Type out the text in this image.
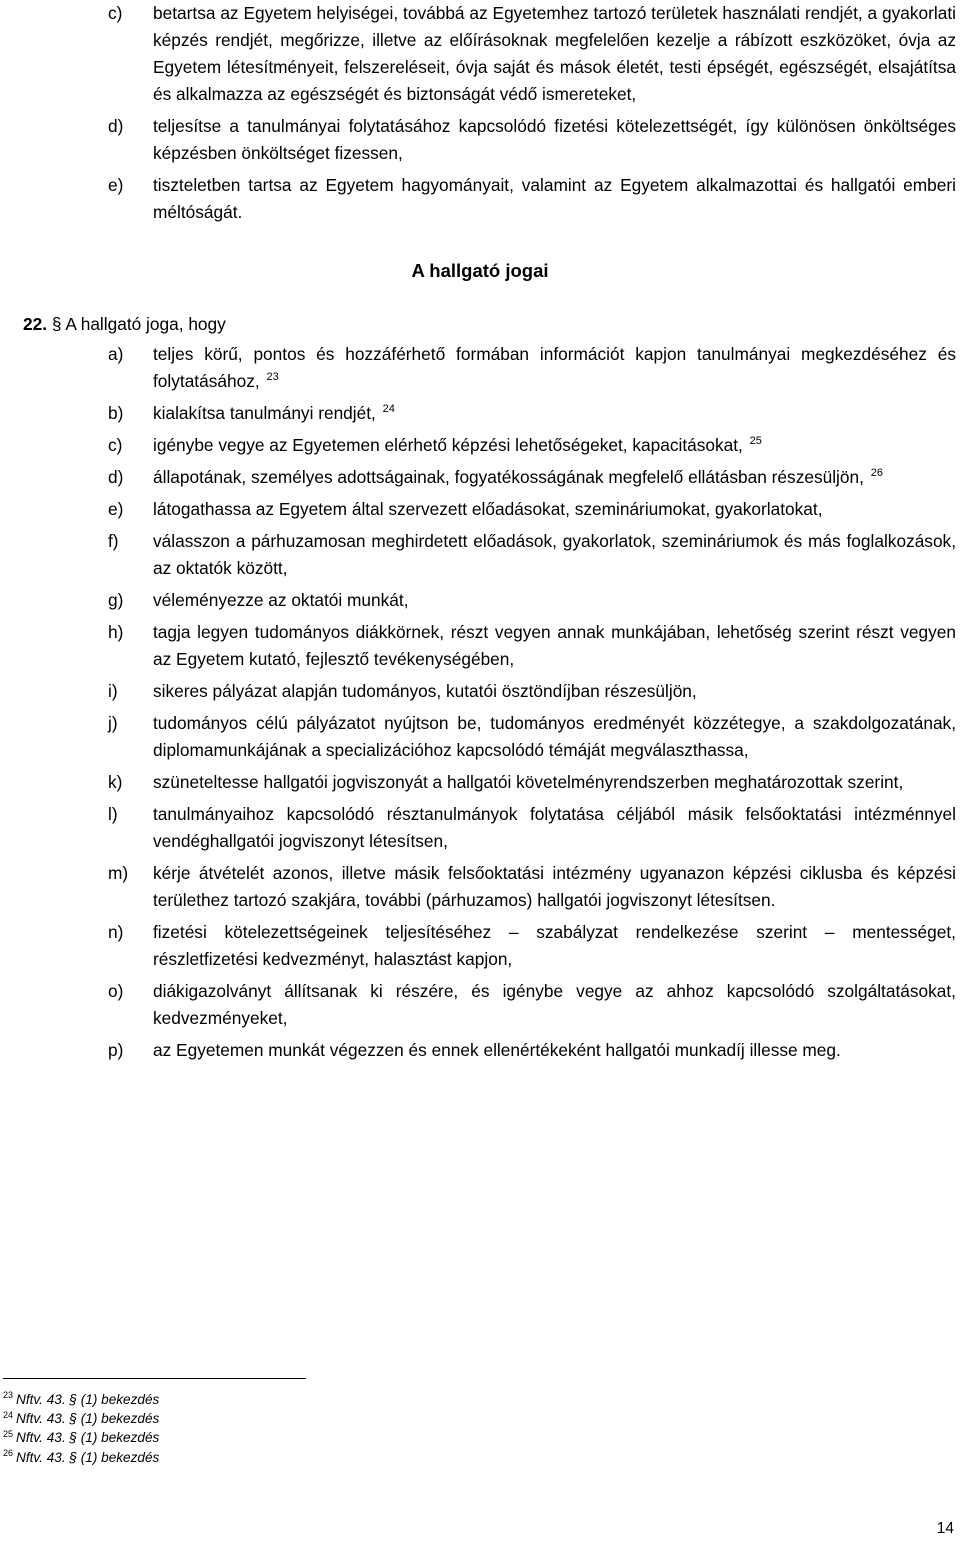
c) betartsa az Egyetem helyiségei, továbbá az Egyetemhez tartozó területek használati rendjét, a gyakorlati képzés rendjét, megőrizze, illetve az előírásoknak megfelelően kezelje a rábízott eszközöket, óvja az Egyetem létesítményeit, felszereléseit, óvja saját és mások életét, testi épségét, egészségét, elsajátítsa és alkalmazza az egészségét és biztonságát védő ismereteket,
d) teljesítse a tanulmányai folytatásához kapcsolódó fizetési kötelezettségét, így különösen önköltséges képzésben önköltséget fizessen,
e) tiszteletben tartsa az Egyetem hagyományait, valamint az Egyetem alkalmazottai és hallgatói emberi méltóságát.
A hallgató jogai
22. § A hallgató joga, hogy
a) teljes körű, pontos és hozzáférhető formában információt kapjon tanulmányai megkezdéséhez és folytatásához, $^{23}$
b) kialakítsa tanulmányi rendjét, $^{24}$
c) igénybe vegye az Egyetemen elérhető képzési lehetőségeket, kapacitásokat, $^{25}$
d) állapotának, személyes adottságainak, fogyatékosságának megfelelő ellátásban részesüljön, $^{26}$
e) látogathassa az Egyetem által szervezett előadásokat, szemináriumokat, gyakorlatokat,
f) válasszon a párhuzamosan meghirdetett előadások, gyakorlatok, szemináriumok és más foglalkozások, az oktatók között,
g) véleményezze az oktatói munkát,
h) tagja legyen tudományos diákkörnek, részt vegyen annak munkájában, lehetőség szerint részt vegyen az Egyetem kutató, fejlesztő tevékenységében,
i) sikeres pályázat alapján tudományos, kutatói ösztöndíjban részesüljön,
j) tudományos célú pályázatot nyújtson be, tudományos eredményét közzétegye, a szakdolgozatának, diplomamunkájának a specializációhoz kapcsolódó témáját megválaszthassa,
k) szüneteltesse hallgatói jogviszonyát a hallgatói követelményrendszerben meghatározottak szerint,
l) tanulmányaihoz kapcsolódó résztanulmányok folytatása céljából másik felsőoktatási intézménnyel vendéghallgatói jogviszonyt létesítsen,
m) kérje átvételét azonos, illetve másik felsőoktatási intézmény ugyanazon képzési ciklusba és képzési területhez tartozó szakjára, további (párhuzamos) hallgatói jogviszonyt létesítsen.
n) fizetési kötelezettségeinek teljesítéséhez – szabályzat rendelkezése szerint – mentességet, részletfizetési kedvezményt, halasztást kapjon,
o) diákigazolványt állítsanak ki részére, és igénybe vegye az ahhoz kapcsolódó szolgáltatásokat, kedvezményeket,
p) az Egyetemen munkát végezzen és ennek ellenértékeként hallgatói munkadíj illesse meg.
$^{23}$ Nftv. 43. § (1) bekezdés
$^{24}$ Nftv. 43. § (1) bekezdés
$^{25}$ Nftv. 43. § (1) bekezdés
$^{26}$ Nftv. 43. § (1) bekezdés
14
